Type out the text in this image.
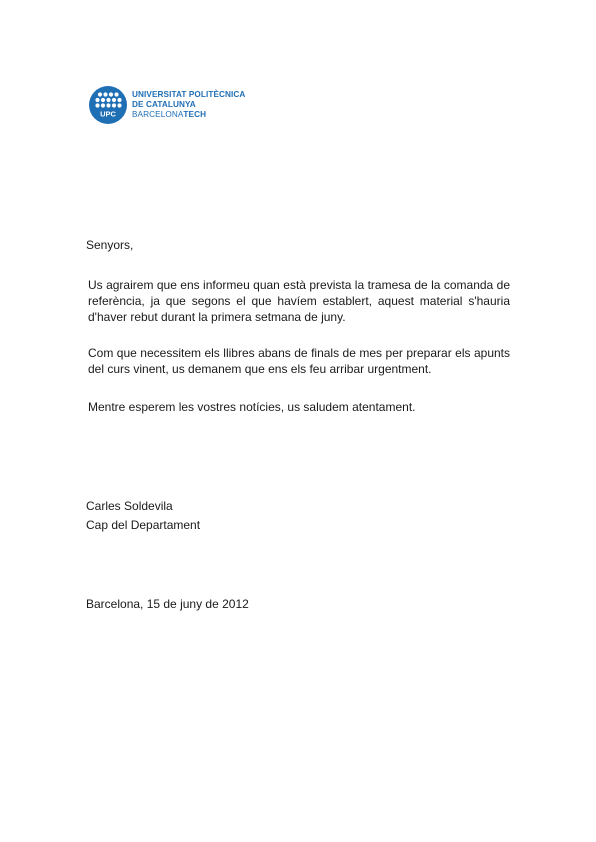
UPC
UNIVERSITAT POLITÈCNICA
DE CATALUNYA
BARCELONATECH
Senyors,
Us agrairem que ens informeu quan està prevista la tramesa de la comanda de referència, ja que segons el que havíem establert, aquest material s'hauria d'haver rebut durant la primera setmana de juny.
Com que necessitem els llibres abans de finals de mes per preparar els apunts del curs vinent, us demanem que ens els feu arribar urgentment.
Mentre esperem les vostres notícies, us saludem atentament.
Carles Soldevila
Cap del Departament
Barcelona, 15 de juny de 2012
